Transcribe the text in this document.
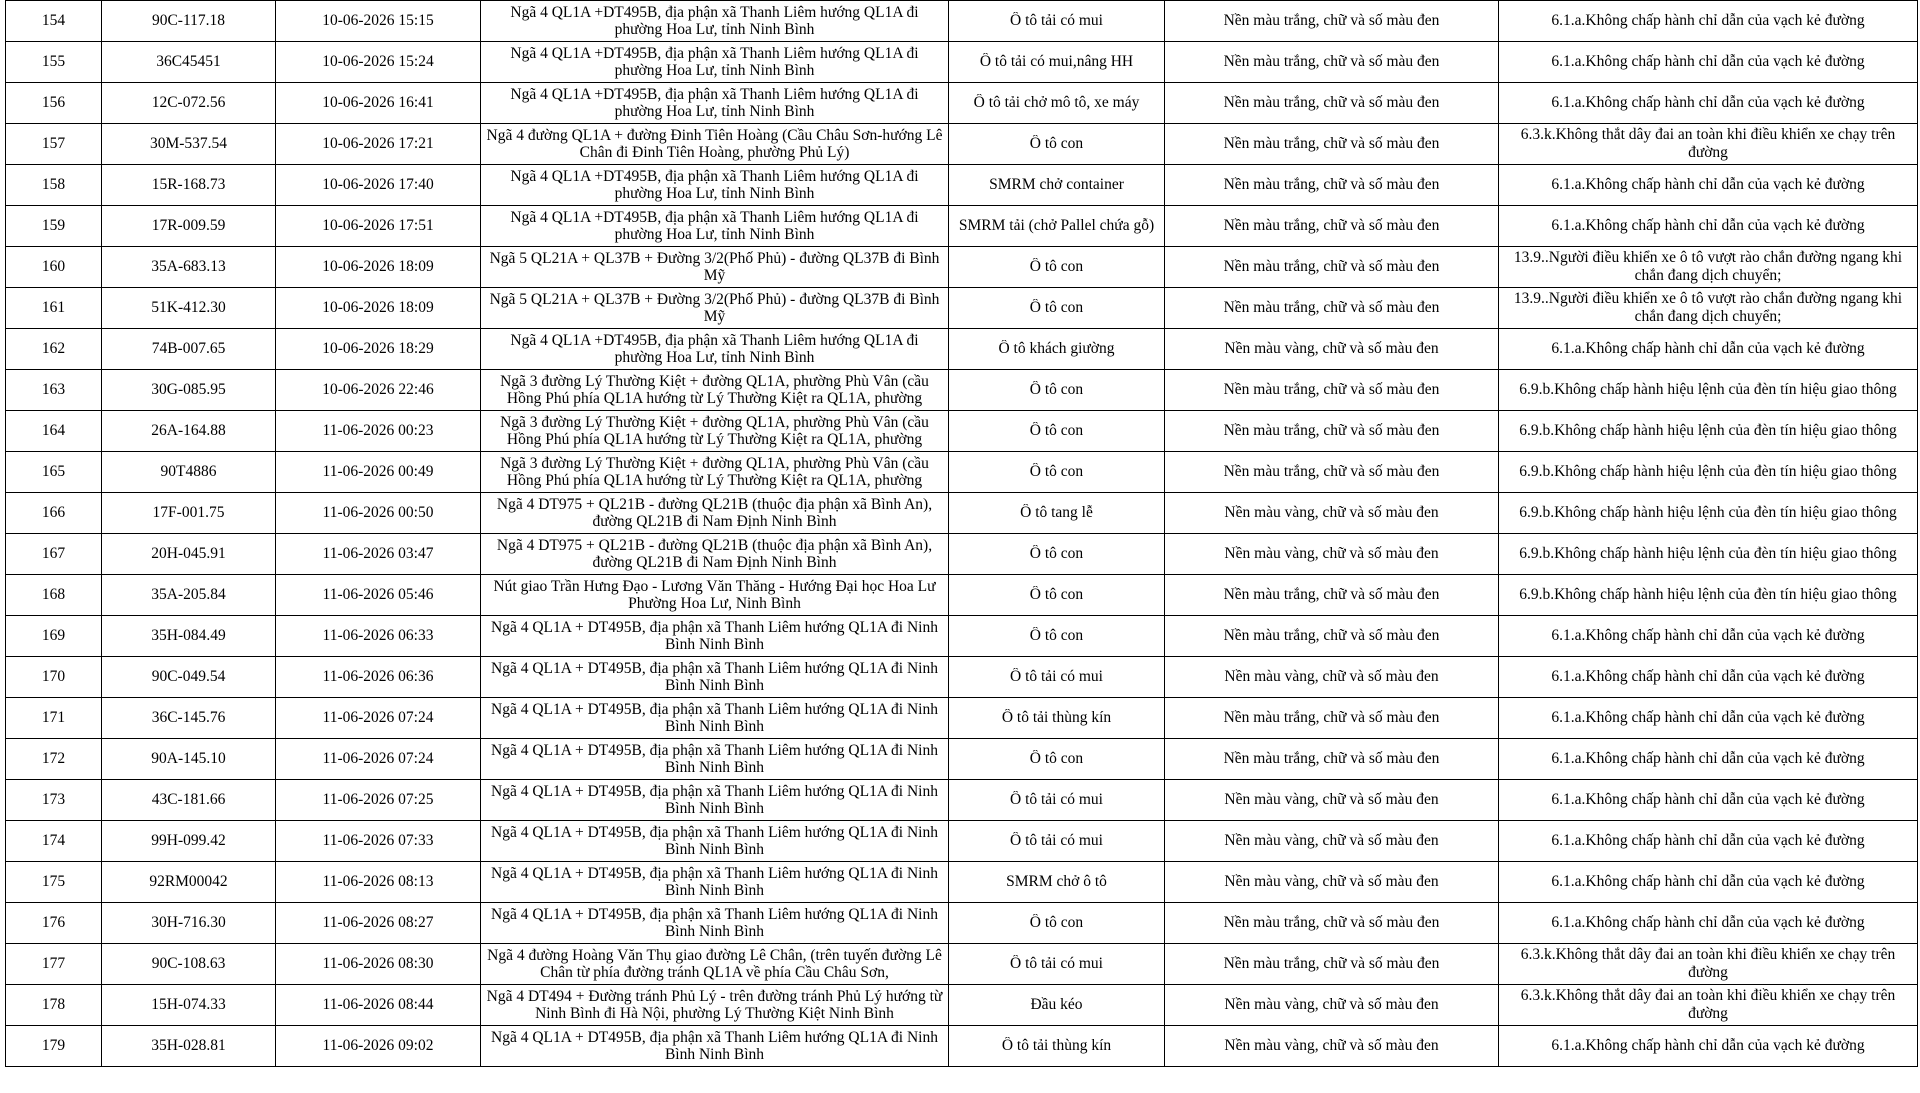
154	90C-117.18	10-06-2026 15:15	Ngã 4 QL1A +DT495B, địa phận xã Thanh Liêm hướng QL1A đi phường Hoa Lư, tỉnh Ninh Bình	Ô tô tải có mui	Nền màu trắng, chữ và số màu đen	6.1.a.Không chấp hành chỉ dẫn của vạch kẻ đường

155	36C45451	10-06-2026 15:24	Ngã 4 QL1A +DT495B, địa phận xã Thanh Liêm hướng QL1A đi phường Hoa Lư, tỉnh Ninh Bình	Ô tô tải có mui,nâng HH	Nền màu trắng, chữ và số màu đen	6.1.a.Không chấp hành chỉ dẫn của vạch kẻ đường

156	12C-072.56	10-06-2026 16:41	Ngã 4 QL1A +DT495B, địa phận xã Thanh Liêm hướng QL1A đi phường Hoa Lư, tỉnh Ninh Bình	Ô tô tải chở mô tô, xe máy	Nền màu trắng, chữ và số màu đen	6.1.a.Không chấp hành chỉ dẫn của vạch kẻ đường

157	30M-537.54	10-06-2026 17:21	Ngã 4 đường QL1A + đường Đinh Tiên Hoàng (Cầu Châu Sơn-hướng Lê Chân đi Đinh Tiên Hoàng, phường Phủ Lý)	Ô tô con	Nền màu trắng, chữ và số màu đen	6.3.k.Không thắt dây đai an toàn khi điều khiển xe chạy trên đường

158	15R-168.73	10-06-2026 17:40	Ngã 4 QL1A +DT495B, địa phận xã Thanh Liêm hướng QL1A đi phường Hoa Lư, tỉnh Ninh Bình	SMRM chở container	Nền màu trắng, chữ và số màu đen	6.1.a.Không chấp hành chỉ dẫn của vạch kẻ đường

159	17R-009.59	10-06-2026 17:51	Ngã 4 QL1A +DT495B, địa phận xã Thanh Liêm hướng QL1A đi phường Hoa Lư, tỉnh Ninh Bình	SMRM tải (chở Pallel chứa gỗ)	Nền màu trắng, chữ và số màu đen	6.1.a.Không chấp hành chỉ dẫn của vạch kẻ đường

160	35A-683.13	10-06-2026 18:09	Ngã 5 QL21A + QL37B + Đường 3/2(Phố Phủ) - đường QL37B đi Bình Mỹ	Ô tô con	Nền màu trắng, chữ và số màu đen	13.9..Người điều khiển xe ô tô vượt rào chắn đường ngang khi chắn đang dịch chuyển;

161	51K-412.30	10-06-2026 18:09	Ngã 5 QL21A + QL37B + Đường 3/2(Phố Phủ) - đường QL37B đi Bình Mỹ	Ô tô con	Nền màu trắng, chữ và số màu đen	13.9..Người điều khiển xe ô tô vượt rào chắn đường ngang khi chắn đang dịch chuyển;

162	74B-007.65	10-06-2026 18:29	Ngã 4 QL1A +DT495B, địa phận xã Thanh Liêm hướng QL1A đi phường Hoa Lư, tỉnh Ninh Bình	Ô tô khách giường	Nền màu vàng, chữ và số màu đen	6.1.a.Không chấp hành chỉ dẫn của vạch kẻ đường

163	30G-085.95	10-06-2026 22:46	Ngã 3 đường Lý Thường Kiệt + đường QL1A, phường Phù Vân (cầu Hồng Phú phía QL1A hướng từ Lý Thường Kiệt ra QL1A, phường	Ô tô con	Nền màu trắng, chữ và số màu đen	6.9.b.Không chấp hành hiệu lệnh của đèn tín hiệu giao thông

164	26A-164.88	11-06-2026 00:23	Ngã 3 đường Lý Thường Kiệt + đường QL1A, phường Phù Vân (cầu Hồng Phú phía QL1A hướng từ Lý Thường Kiệt ra QL1A, phường	Ô tô con	Nền màu trắng, chữ và số màu đen	6.9.b.Không chấp hành hiệu lệnh của đèn tín hiệu giao thông

165	90T4886	11-06-2026 00:49	Ngã 3 đường Lý Thường Kiệt + đường QL1A, phường Phù Vân (cầu Hồng Phú phía QL1A hướng từ Lý Thường Kiệt ra QL1A, phường	Ô tô con	Nền màu trắng, chữ và số màu đen	6.9.b.Không chấp hành hiệu lệnh của đèn tín hiệu giao thông

166	17F-001.75	11-06-2026 00:50	Ngã 4 DT975 + QL21B - đường QL21B (thuộc địa phận xã Bình An), đường QL21B đi Nam Định Ninh Bình	Ô tô tang lễ	Nền màu vàng, chữ và số màu đen	6.9.b.Không chấp hành hiệu lệnh của đèn tín hiệu giao thông

167	20H-045.91	11-06-2026 03:47	Ngã 4 DT975 + QL21B - đường QL21B (thuộc địa phận xã Bình An), đường QL21B đi Nam Định Ninh Bình	Ô tô con	Nền màu vàng, chữ và số màu đen	6.9.b.Không chấp hành hiệu lệnh của đèn tín hiệu giao thông

168	35A-205.84	11-06-2026 05:46	Nút giao Trần Hưng Đạo - Lương Văn Thăng - Hướng Đại học Hoa Lư Phường Hoa Lư, Ninh Bình	Ô tô con	Nền màu trắng, chữ và số màu đen	6.9.b.Không chấp hành hiệu lệnh của đèn tín hiệu giao thông

169	35H-084.49	11-06-2026 06:33	Ngã 4 QL1A + DT495B, địa phận xã Thanh Liêm hướng QL1A đi Ninh Bình Ninh Bình	Ô tô con	Nền màu trắng, chữ và số màu đen	6.1.a.Không chấp hành chỉ dẫn của vạch kẻ đường

170	90C-049.54	11-06-2026 06:36	Ngã 4 QL1A + DT495B, địa phận xã Thanh Liêm hướng QL1A đi Ninh Bình Ninh Bình	Ô tô tải có mui	Nền màu vàng, chữ và số màu đen	6.1.a.Không chấp hành chỉ dẫn của vạch kẻ đường

171	36C-145.76	11-06-2026 07:24	Ngã 4 QL1A + DT495B, địa phận xã Thanh Liêm hướng QL1A đi Ninh Bình Ninh Bình	Ô tô tải thùng kín	Nền màu trắng, chữ và số màu đen	6.1.a.Không chấp hành chỉ dẫn của vạch kẻ đường

172	90A-145.10	11-06-2026 07:24	Ngã 4 QL1A + DT495B, địa phận xã Thanh Liêm hướng QL1A đi Ninh Bình Ninh Bình	Ô tô con	Nền màu trắng, chữ và số màu đen	6.1.a.Không chấp hành chỉ dẫn của vạch kẻ đường

173	43C-181.66	11-06-2026 07:25	Ngã 4 QL1A + DT495B, địa phận xã Thanh Liêm hướng QL1A đi Ninh Bình Ninh Bình	Ô tô tải có mui	Nền màu vàng, chữ và số màu đen	6.1.a.Không chấp hành chỉ dẫn của vạch kẻ đường

174	99H-099.42	11-06-2026 07:33	Ngã 4 QL1A + DT495B, địa phận xã Thanh Liêm hướng QL1A đi Ninh Bình Ninh Bình	Ô tô tải có mui	Nền màu vàng, chữ và số màu đen	6.1.a.Không chấp hành chỉ dẫn của vạch kẻ đường

175	92RM00042	11-06-2026 08:13	Ngã 4 QL1A + DT495B, địa phận xã Thanh Liêm hướng QL1A đi Ninh Bình Ninh Bình	SMRM chở ô tô	Nền màu vàng, chữ và số màu đen	6.1.a.Không chấp hành chỉ dẫn của vạch kẻ đường

176	30H-716.30	11-06-2026 08:27	Ngã 4 QL1A + DT495B, địa phận xã Thanh Liêm hướng QL1A đi Ninh Bình Ninh Bình	Ô tô con	Nền màu trắng, chữ và số màu đen	6.1.a.Không chấp hành chỉ dẫn của vạch kẻ đường

177	90C-108.63	11-06-2026 08:30	Ngã 4 đường Hoàng Văn Thụ giao đường Lê Chân, (trên tuyến đường Lê Chân từ phía đường tránh QL1A về phía Cầu Châu Sơn,	Ô tô tải có mui	Nền màu trắng, chữ và số màu đen	6.3.k.Không thắt dây đai an toàn khi điều khiển xe chạy trên đường

178	15H-074.33	11-06-2026 08:44	Ngã 4 DT494 + Đường tránh Phủ Lý - trên đường tránh Phủ Lý hướng từ Ninh Bình đi Hà Nội, phường Lý Thường Kiệt Ninh Bình	Đầu kéo	Nền màu vàng, chữ và số màu đen	6.3.k.Không thắt dây đai an toàn khi điều khiển xe chạy trên đường

179	35H-028.81	11-06-2026 09:02	Ngã 4 QL1A + DT495B, địa phận xã Thanh Liêm hướng QL1A đi Ninh Bình Ninh Bình	Ô tô tải thùng kín	Nền màu vàng, chữ và số màu đen	6.1.a.Không chấp hành chỉ dẫn của vạch kẻ đường
